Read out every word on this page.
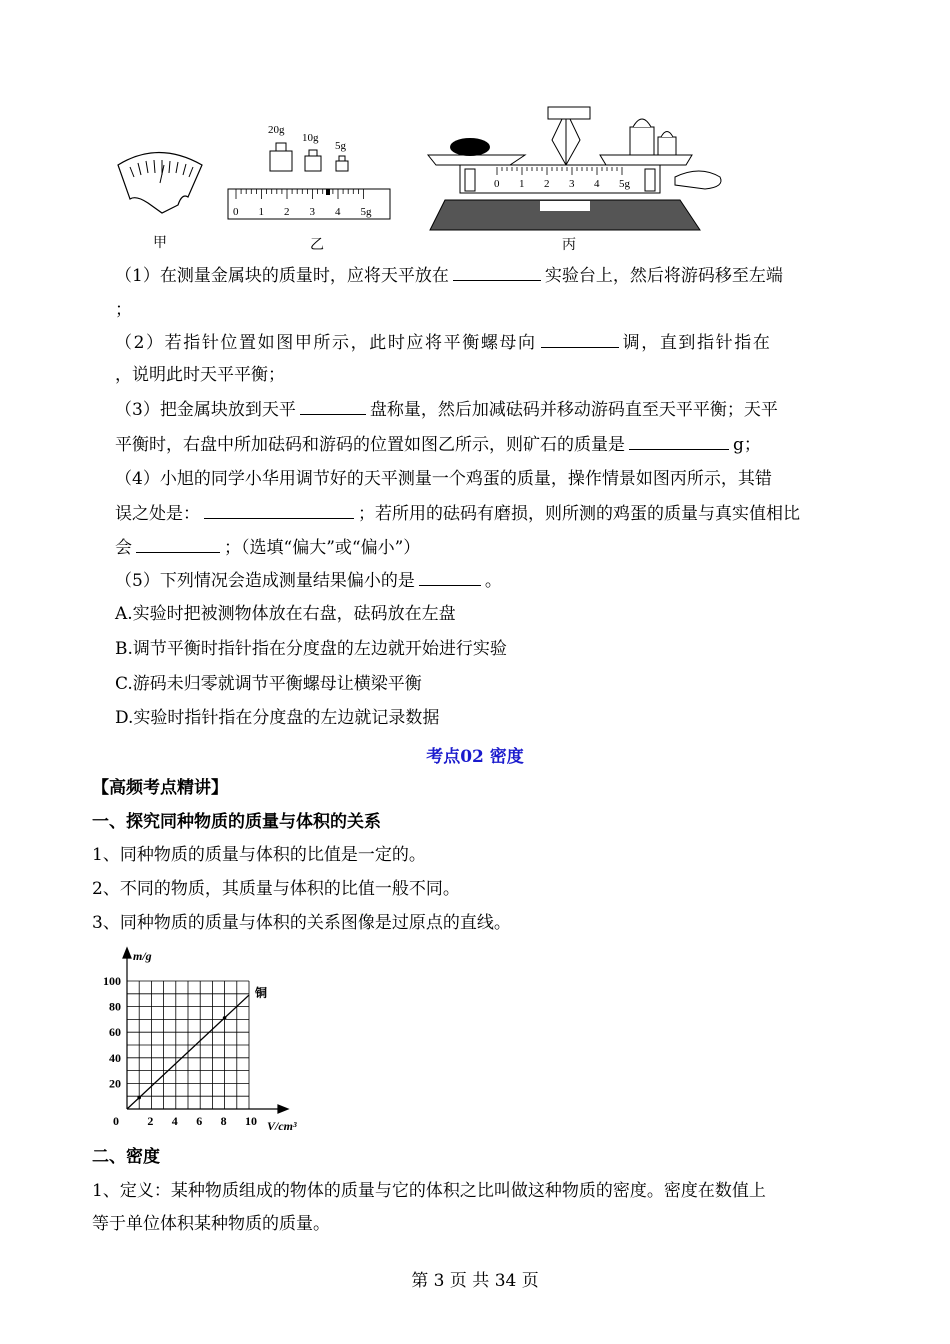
20g
10g
5g
0 1 2 3 4 5g
0 1 2 3 4 5g
甲	乙	丙
（1）在测量金属块的质量时，应将天平放在	实验台上，然后将游码移至左端
；
（2）若指针位置如图甲所示，此时应将平衡螺母向	调，直到指针指在
，说明此时天平平衡；
（3）把金属块放到天平	盘称量，然后加减砝码并移动游码直至天平平衡；天平
平衡时，右盘中所加砝码和游码的位置如图乙所示，则矿石的质量是	g；
（4）小旭的同学小华用调节好的天平测量一个鸡蛋的质量，操作情景如图丙所示，其错
误之处是：	；若所用的砝码有磨损，则所测的鸡蛋的质量与真实值相比
会	；（选填“偏大”或“偏小”）
（5）下列情况会造成测量结果偏小的是	。
A.实验时把被测物体放在右盘，砝码放在左盘
B.调节平衡时指针指在分度盘的左边就开始进行实验
C.游码未归零就调节平衡螺母让横梁平衡
D.实验时指针指在分度盘的左边就记录数据
考点02 密度
【高频考点精讲】
一、探究同种物质的质量与体积的关系
1、同种物质的质量与体积的比值是一定的。
2、不同的物质，其质量与体积的比值一般不同。
3、同种物质的质量与体积的关系图像是过原点的直线。
m/g
V/cm³
0 2 4 6 8 10
20
40
60
80
100
铜
二、密度
1、定义：某种物质组成的物体的质量与它的体积之比叫做这种物质的密度。密度在数值上
等于单位体积某种物质的质量。
第 3 页 共 34 页
